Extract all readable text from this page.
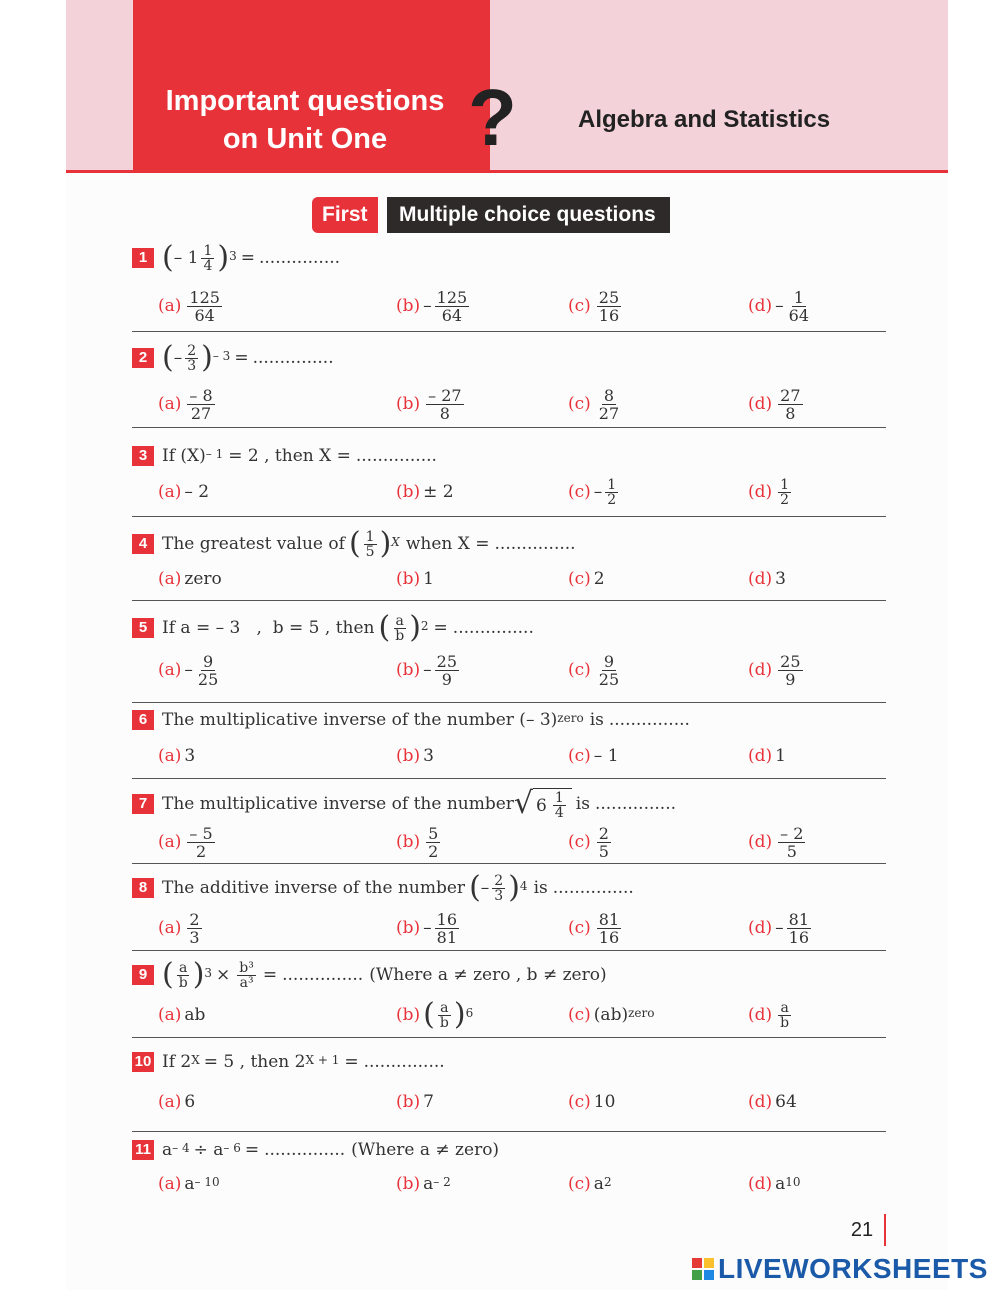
Important questions
on Unit One	?	Algebra and Statistics
First	Multiple choice questions
1 ( – $1 \frac{1}{4} )^3$ = ...............
$(a) \frac{125}{64}$	$(b) - \frac{125}{64}$	$(c) \frac{25}{16}$	$(d) - \frac{1}{64}$
2 ( – $\frac{2}{3} )^{- 3}$ = ...............
$(a) \frac{- 8}{27}$	$(b) \frac{- 27}{8}$	$(c) \frac{8}{27}$	$(d) \frac{27}{8}$
3 If $(X)^{- 1} = 2$ , then X = ...............
(a) – 2	(b) ± 2	$(c) - \frac{1}{2}$	$(d) \frac{1}{2}$
4 The greatest value of ( $\frac{1}{5} )^X$ when X = ...............
(a) zero	(b) 1	(c) 2	(d) 3
5 If a = – 3   ,  b = 5 , then ( $\frac{a}{b} )^2$ = ...............
$(a) - \frac{9}{25}$	$(b) - \frac{25}{9}$	$(c) \frac{9}{25}$	$(d) \frac{25}{9}$
6 The multiplicative inverse of the number (– 3)$^{zero}$ is ...............
(a) 3	(b) 3	(c) – 1	(d) 1
7 The multiplicative inverse of the number √ $6 \frac{1}{4}$ is ...............
$(a) \frac{- 5}{2}$	$(b) \frac{5}{2}$	$(c) \frac{2}{5}$	$(d) \frac{- 2}{5}$
8 The additive inverse of the number ( – $\frac{2}{3} )^4$ is ...............
$(a) \frac{2}{3}$	$(b) - \frac{16}{81}$	$(c) \frac{81}{16}$	$(d) - \frac{81}{16}$
9 ( $\frac{a}{b} )^3 \times \frac{\text{b³}}{\text{a³}}$ = ............... (Where a ≠ zero , b ≠ zero)
(a) ab	(b) ( $\frac{a}{b} )^6$	(c) (ab)$^{zero}$	$(d) \frac{a}{b}$
10 If $2^X = 5$ , then $2^{X + 1}$ = ...............
(a) 6	(b) 7	(c) 10	(d) 64
11 $a^{- 4} \div a^{- 6}$ = ............... (Where a ≠ zero)
(a) $a^{- 10}$	(b) $a^{- 2}$	(c) $a^2$	(d) $a^{10}$
21
LIVEWORKSHEETS
